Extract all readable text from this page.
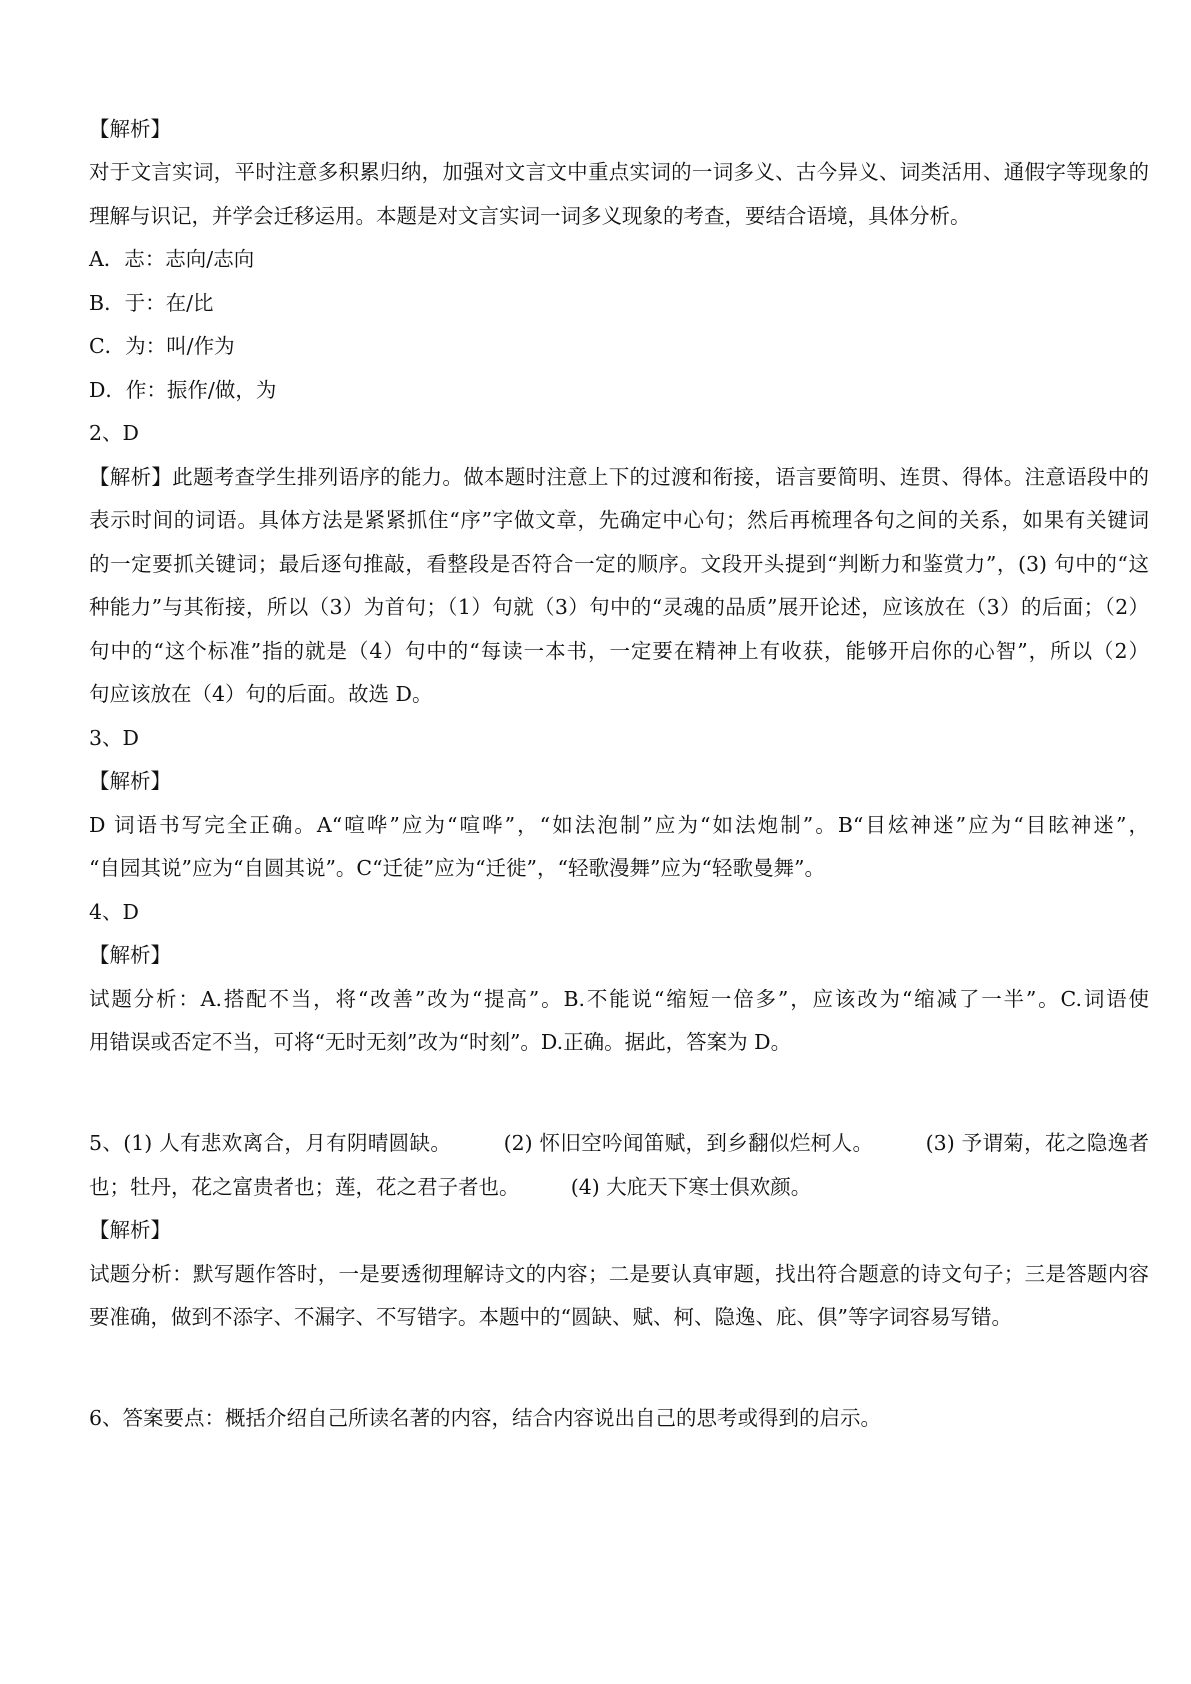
【解析】
对于文言实词，平时注意多积累归纳，加强对文言文中重点实词的一词多义、古今异义、词类活用、通假字等现象的
理解与识记，并学会迁移运用。本题是对文言实词一词多义现象的考查，要结合语境，具体分析。
A．志：志向/志向
B．于：在/比
C．为：叫/作为
D．作：振作/做，为
2、D
【解析】此题考查学生排列语序的能力。做本题时注意上下的过渡和衔接，语言要简明、连贯、得体。注意语段中的
表示时间的词语。具体方法是紧紧抓住“序”字做文章，先确定中心句；然后再梳理各句之间的关系，如果有关键词
的一定要抓关键词；最后逐句推敲，看整段是否符合一定的顺序。文段开头提到“判断力和鉴赏力”，(3) 句中的“这
种能力”与其衔接，所以（3）为首句；（1）句就（3）句中的“灵魂的品质”展开论述，应该放在（3）的后面；（2）
句中的“这个标准”指的就是（4）句中的“每读一本书，一定要在精神上有收获，能够开启你的心智”，所以（2）
句应该放在（4）句的后面。故选 D。
3、D
【解析】
D 词语书写完全正确。A“喧哗”应为“喧哗”，“如法泡制”应为“如法炮制”。B“目炫神迷”应为“目眩神迷”，
“自园其说”应为“自圆其说”。C“迁徒”应为“迁徙”，“轻歌漫舞”应为“轻歌曼舞”。
4、D
【解析】
试题分析：A.搭配不当，将“改善”改为“提高”。B.不能说“缩短一倍多”，应该改为“缩减了一半”。C.词语使
用错误或否定不当，可将“无时无刻”改为“时刻”。D.正确。据此，答案为 D。
5、(1) 人有悲欢离合，月有阴晴圆缺。　　　(2) 怀旧空吟闻笛赋，到乡翻似烂柯人。　　　(3) 予谓菊，花之隐逸者
也；牡丹，花之富贵者也；莲，花之君子者也。　　　(4) 大庇天下寒士俱欢颜。
【解析】
试题分析：默写题作答时，一是要透彻理解诗文的内容；二是要认真审题，找出符合题意的诗文句子；三是答题内容
要准确，做到不添字、不漏字、不写错字。本题中的“圆缺、赋、柯、隐逸、庇、俱”等字词容易写错。
6、答案要点：概括介绍自己所读名著的内容，结合内容说出自己的思考或得到的启示。
